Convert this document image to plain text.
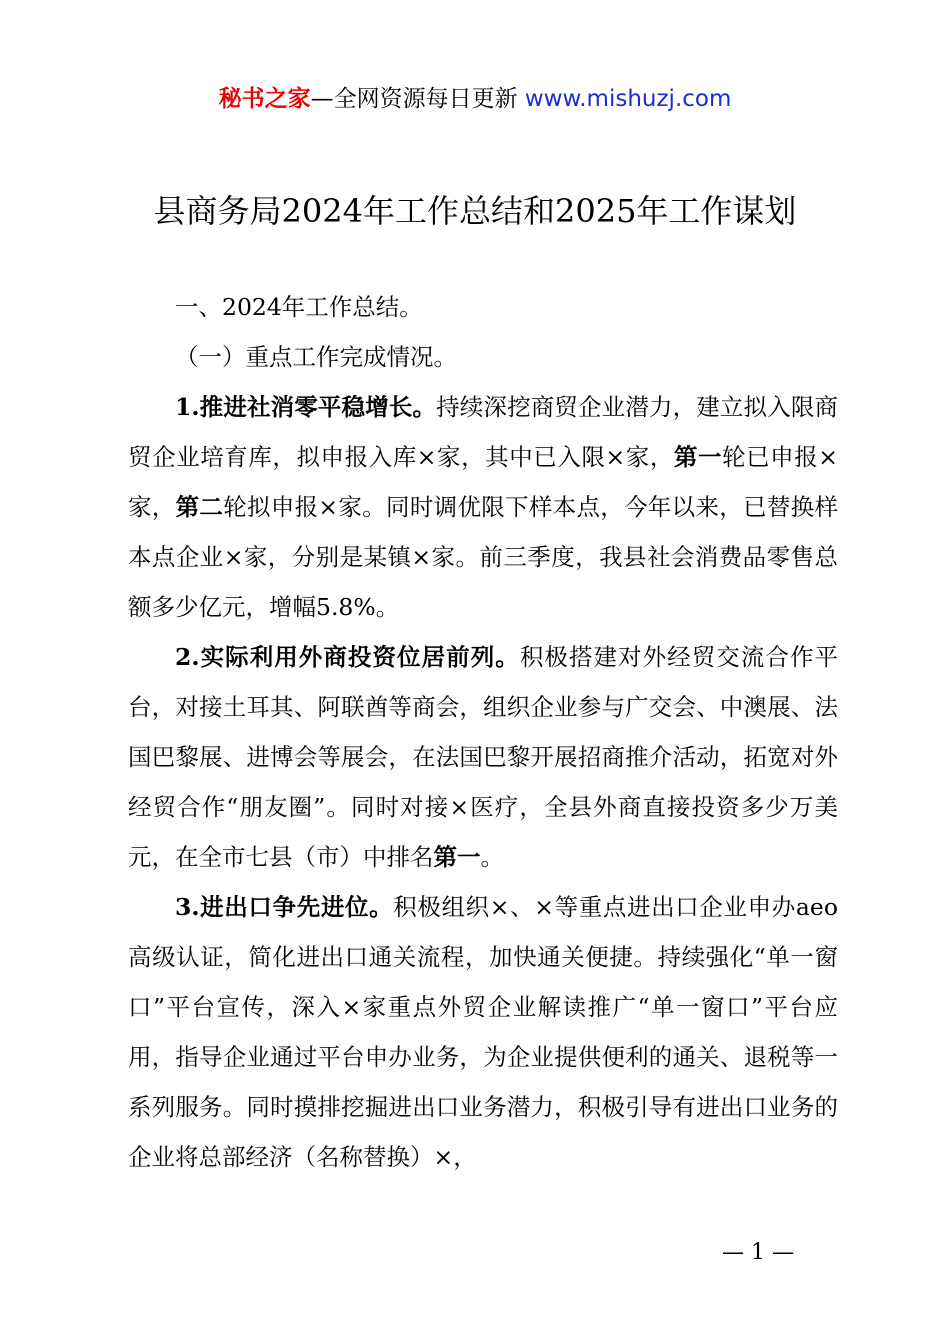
秘书之家—全网资源每日更新 www.mishuzj.com
县商务局2024年工作总结和2025年工作谋划

一、2024年工作总结。

（一）重点工作完成情况。

1.推进社消零平稳增长。持续深挖商贸企业潜力，建立拟入限商贸企业培育库，拟申报入库×家，其中已入限×家，第一轮已申报×家，第二轮拟申报×家。同时调优限下样本点，今年以来，已替换样本点企业×家，分别是某镇×家。前三季度，我县社会消费品零售总额多少亿元，增幅5.8%。

2.实际利用外商投资位居前列。积极搭建对外经贸交流合作平台，对接土耳其、阿联酋等商会，组织企业参与广交会、中澳展、法国巴黎展、进博会等展会，在法国巴黎开展招商推介活动，拓宽对外经贸合作“朋友圈”。同时对接×医疗，全县外商直接投资多少万美元，在全市七县（市）中排名第一。

3.进出口争先进位。积极组织×、×等重点进出口企业申办aeo高级认证，简化进出口通关流程，加快通关便捷。持续强化“单一窗口”平台宣传，深入×家重点外贸企业解读推广“单一窗口”平台应用，指导企业通过平台申办业务，为企业提供便利的通关、退税等一系列服务。同时摸排挖掘进出口业务潜力，积极引导有进出口业务的企业将总部经济（名称替换）×，

— 1 —
